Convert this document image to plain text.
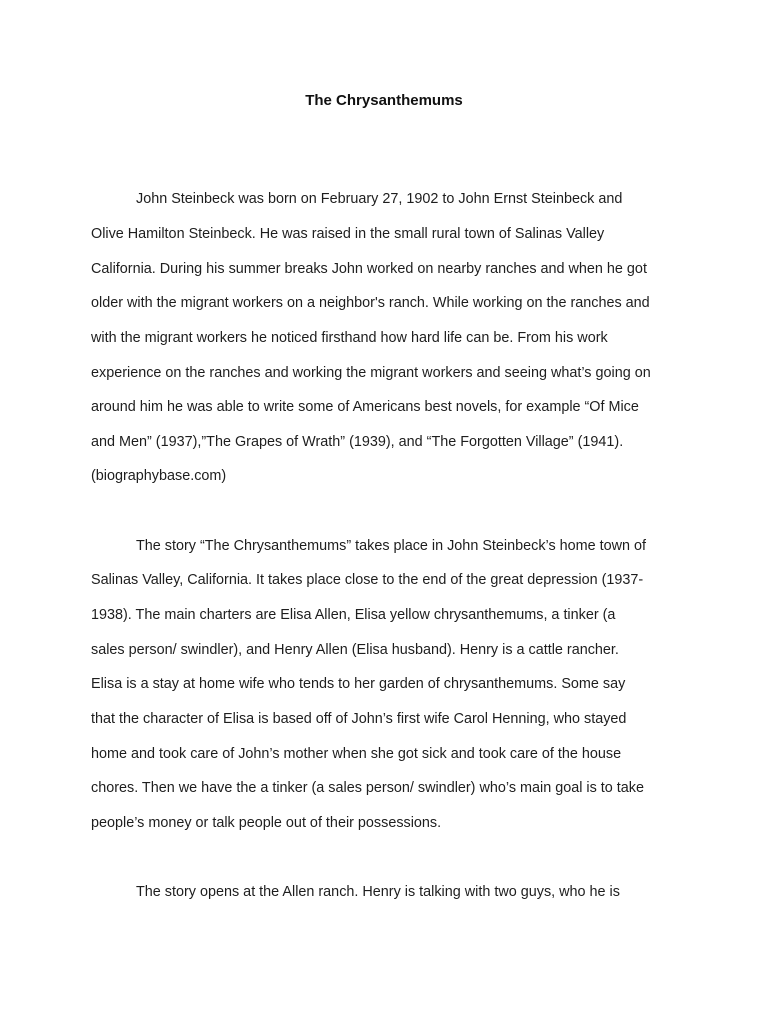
The Chrysanthemums
John Steinbeck was born on February 27, 1902 to John Ernst Steinbeck and
Olive Hamilton Steinbeck. He was raised in the small rural town of Salinas Valley
California. During his summer breaks John worked on nearby ranches and when he got
older with the migrant workers on a neighbor's ranch. While working on the ranches and
with the migrant workers he noticed firsthand how hard life can be. From his work
experience on the ranches and working the migrant workers and seeing what’s going on
around him he was able to write some of Americans best novels, for example “Of Mice
and Men” (1937),”The Grapes of Wrath” (1939), and “The Forgotten Village” (1941).
(biographybase.com)
The story “The Chrysanthemums” takes place in John Steinbeck’s home town of
Salinas Valley, California. It takes place close to the end of the great depression (1937-
1938). The main charters are Elisa Allen, Elisa yellow chrysanthemums, a tinker (a
sales person/ swindler), and Henry Allen (Elisa husband). Henry is a cattle rancher.
Elisa is a stay at home wife who tends to her garden of chrysanthemums. Some say
that the character of Elisa is based off of John’s first wife Carol Henning, who stayed
home and took care of John’s mother when she got sick and took care of the house
chores. Then we have the a tinker (a sales person/ swindler) who’s main goal is to take
people’s money or talk people out of their possessions.
The story opens at the Allen ranch. Henry is talking with two guys, who he is
